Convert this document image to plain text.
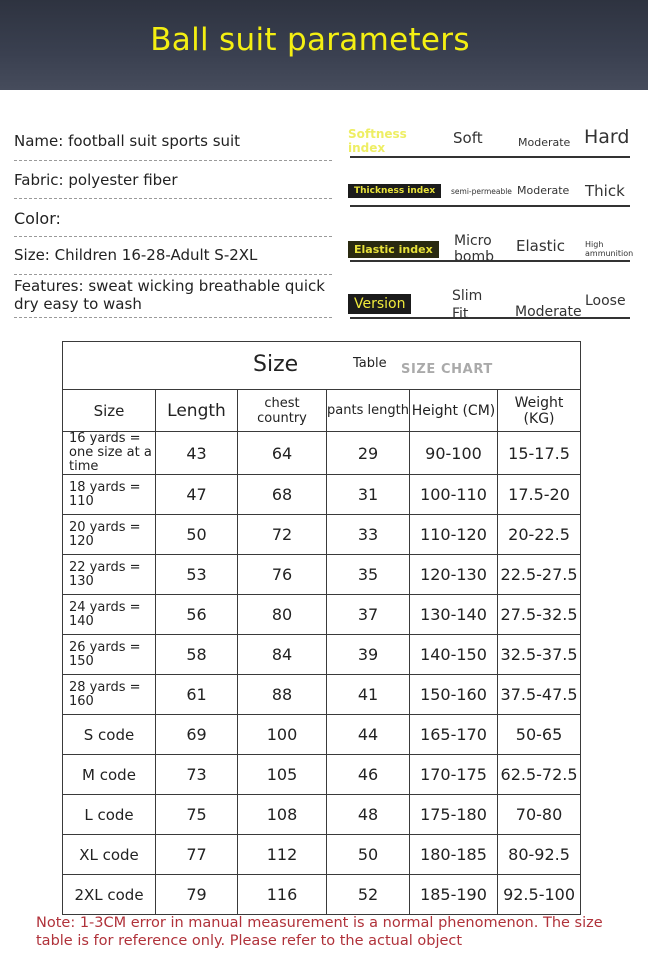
Ball suit parameters
Name: football suit sports suit
Fabric: polyester fiber
Color:
Size: Children 16-28-Adult S-2XL
Features: sweat wicking breathable quick dry easy to wash
Softness index
Soft	Moderate Hard
Thickness index	semi-permeable Moderate Thick
Elastic index
Micro bomb
Elastic	High ammunition
Version	Slim Fit	Moderate
Loose
Size Table SIZE CHART					

Size	Length	chest country	pants length	Height (CM)	Weight (KG)
16 yards = one size at a time	43	64	29	90-100	15-17.5
18 yards = 110	47	68	31	100-110	17.5-20
20 yards = 120	50	72	33	110-120	20-22.5
22 yards = 130	53	76	35	120-130	22.5-27.5
24 yards = 140	56	80	37	130-140	27.5-32.5
26 yards = 150	58	84	39	140-150	32.5-37.5
28 yards = 160	61	88	41	150-160	37.5-47.5
S code	69	100	44	165-170	50-65
M code	73	105	46	170-175	62.5-72.5
L code	75	108	48	175-180	70-80
XL code	77	112	50	180-185	80-92.5
2XL code	79	116	52	185-190	92.5-100
Note: 1-3CM error in manual measurement is a normal phenomenon. The size table is for reference only. Please refer to the actual object
